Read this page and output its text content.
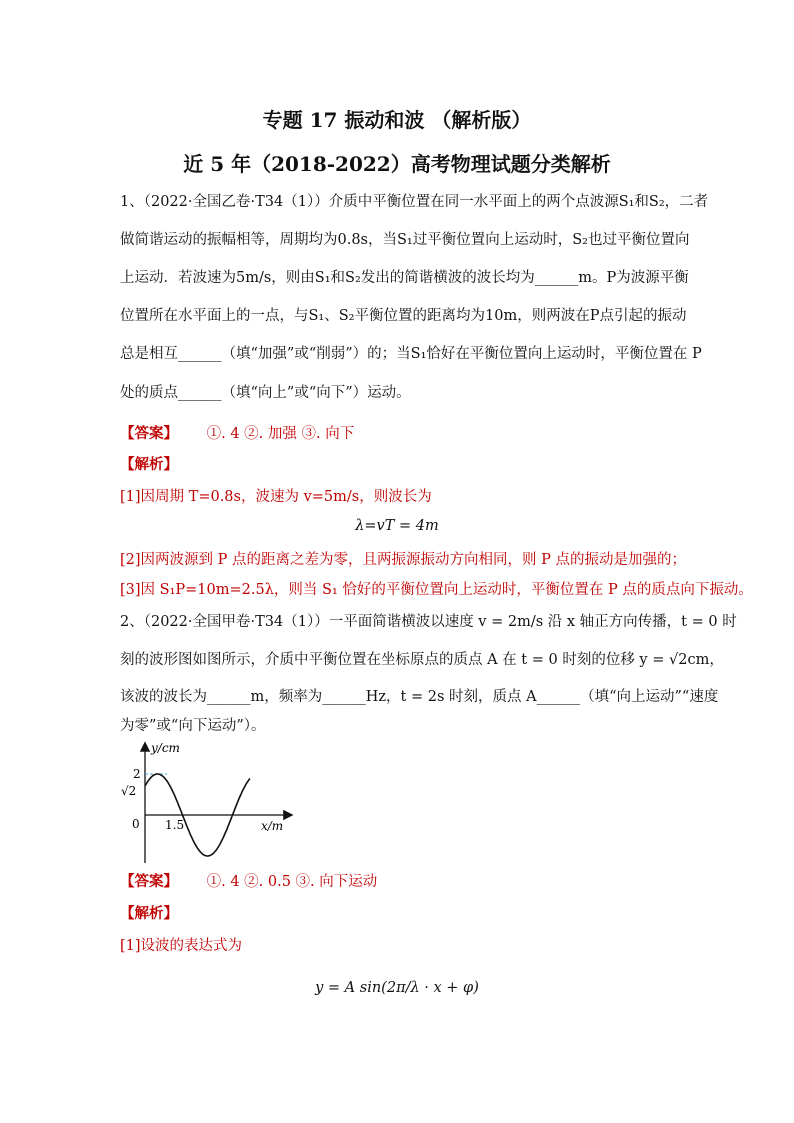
专题 17 振动和波 （解析版）
近 5 年（2018-2022）高考物理试题分类解析
1、（2022·全国乙卷·T34（1））介质中平衡位置在同一水平面上的两个点波源S₁和S₂，二者
做简谐运动的振幅相等，周期均为0.8s，当S₁过平衡位置向上运动时，S₂也过平衡位置向
上运动．若波速为5m/s，则由S₁和S₂发出的简谐横波的波长均为______m。P为波源平衡
位置所在水平面上的一点，与S₁、S₂平衡位置的距离均为10m，则两波在P点引起的振动
总是相互______（填“加强”或“削弱”）的；当S₁恰好在平衡位置向上运动时，平衡位置在 P
处的质点______（填“向上”或“向下”）运动。
【答案】 ①. 4 ②. 加强 ③. 向下
【解析】
[1]因周期 T=0.8s，波速为 v=5m/s，则波长为
λ=vT = 4m
[2]因两波源到 P 点的距离之差为零，且两振源振动方向相同，则 P 点的振动是加强的；
[3]因 S₁P=10m=2.5λ，则当 S₁ 恰好的平衡位置向上运动时，平衡位置在 P 点的质点向下振动。
2、（2022·全国甲卷·T34（1））一平面简谐横波以速度 v = 2m/s 沿 x 轴正方向传播，t = 0 时
刻的波形图如图所示，介质中平衡位置在坐标原点的质点 A 在 t = 0 时刻的位移 y = √2cm，
该波的波长为______m，频率为______Hz，t = 2s 时刻，质点 A______（填“向上运动”“速度
为零”或“向下运动”）。
y/cm
x/m
2
√2
0 1.5
【答案】 ①. 4 ②. 0.5 ③. 向下运动
【解析】
[1]设波的表达式为
y = A sin(2π/λ · x + φ)
